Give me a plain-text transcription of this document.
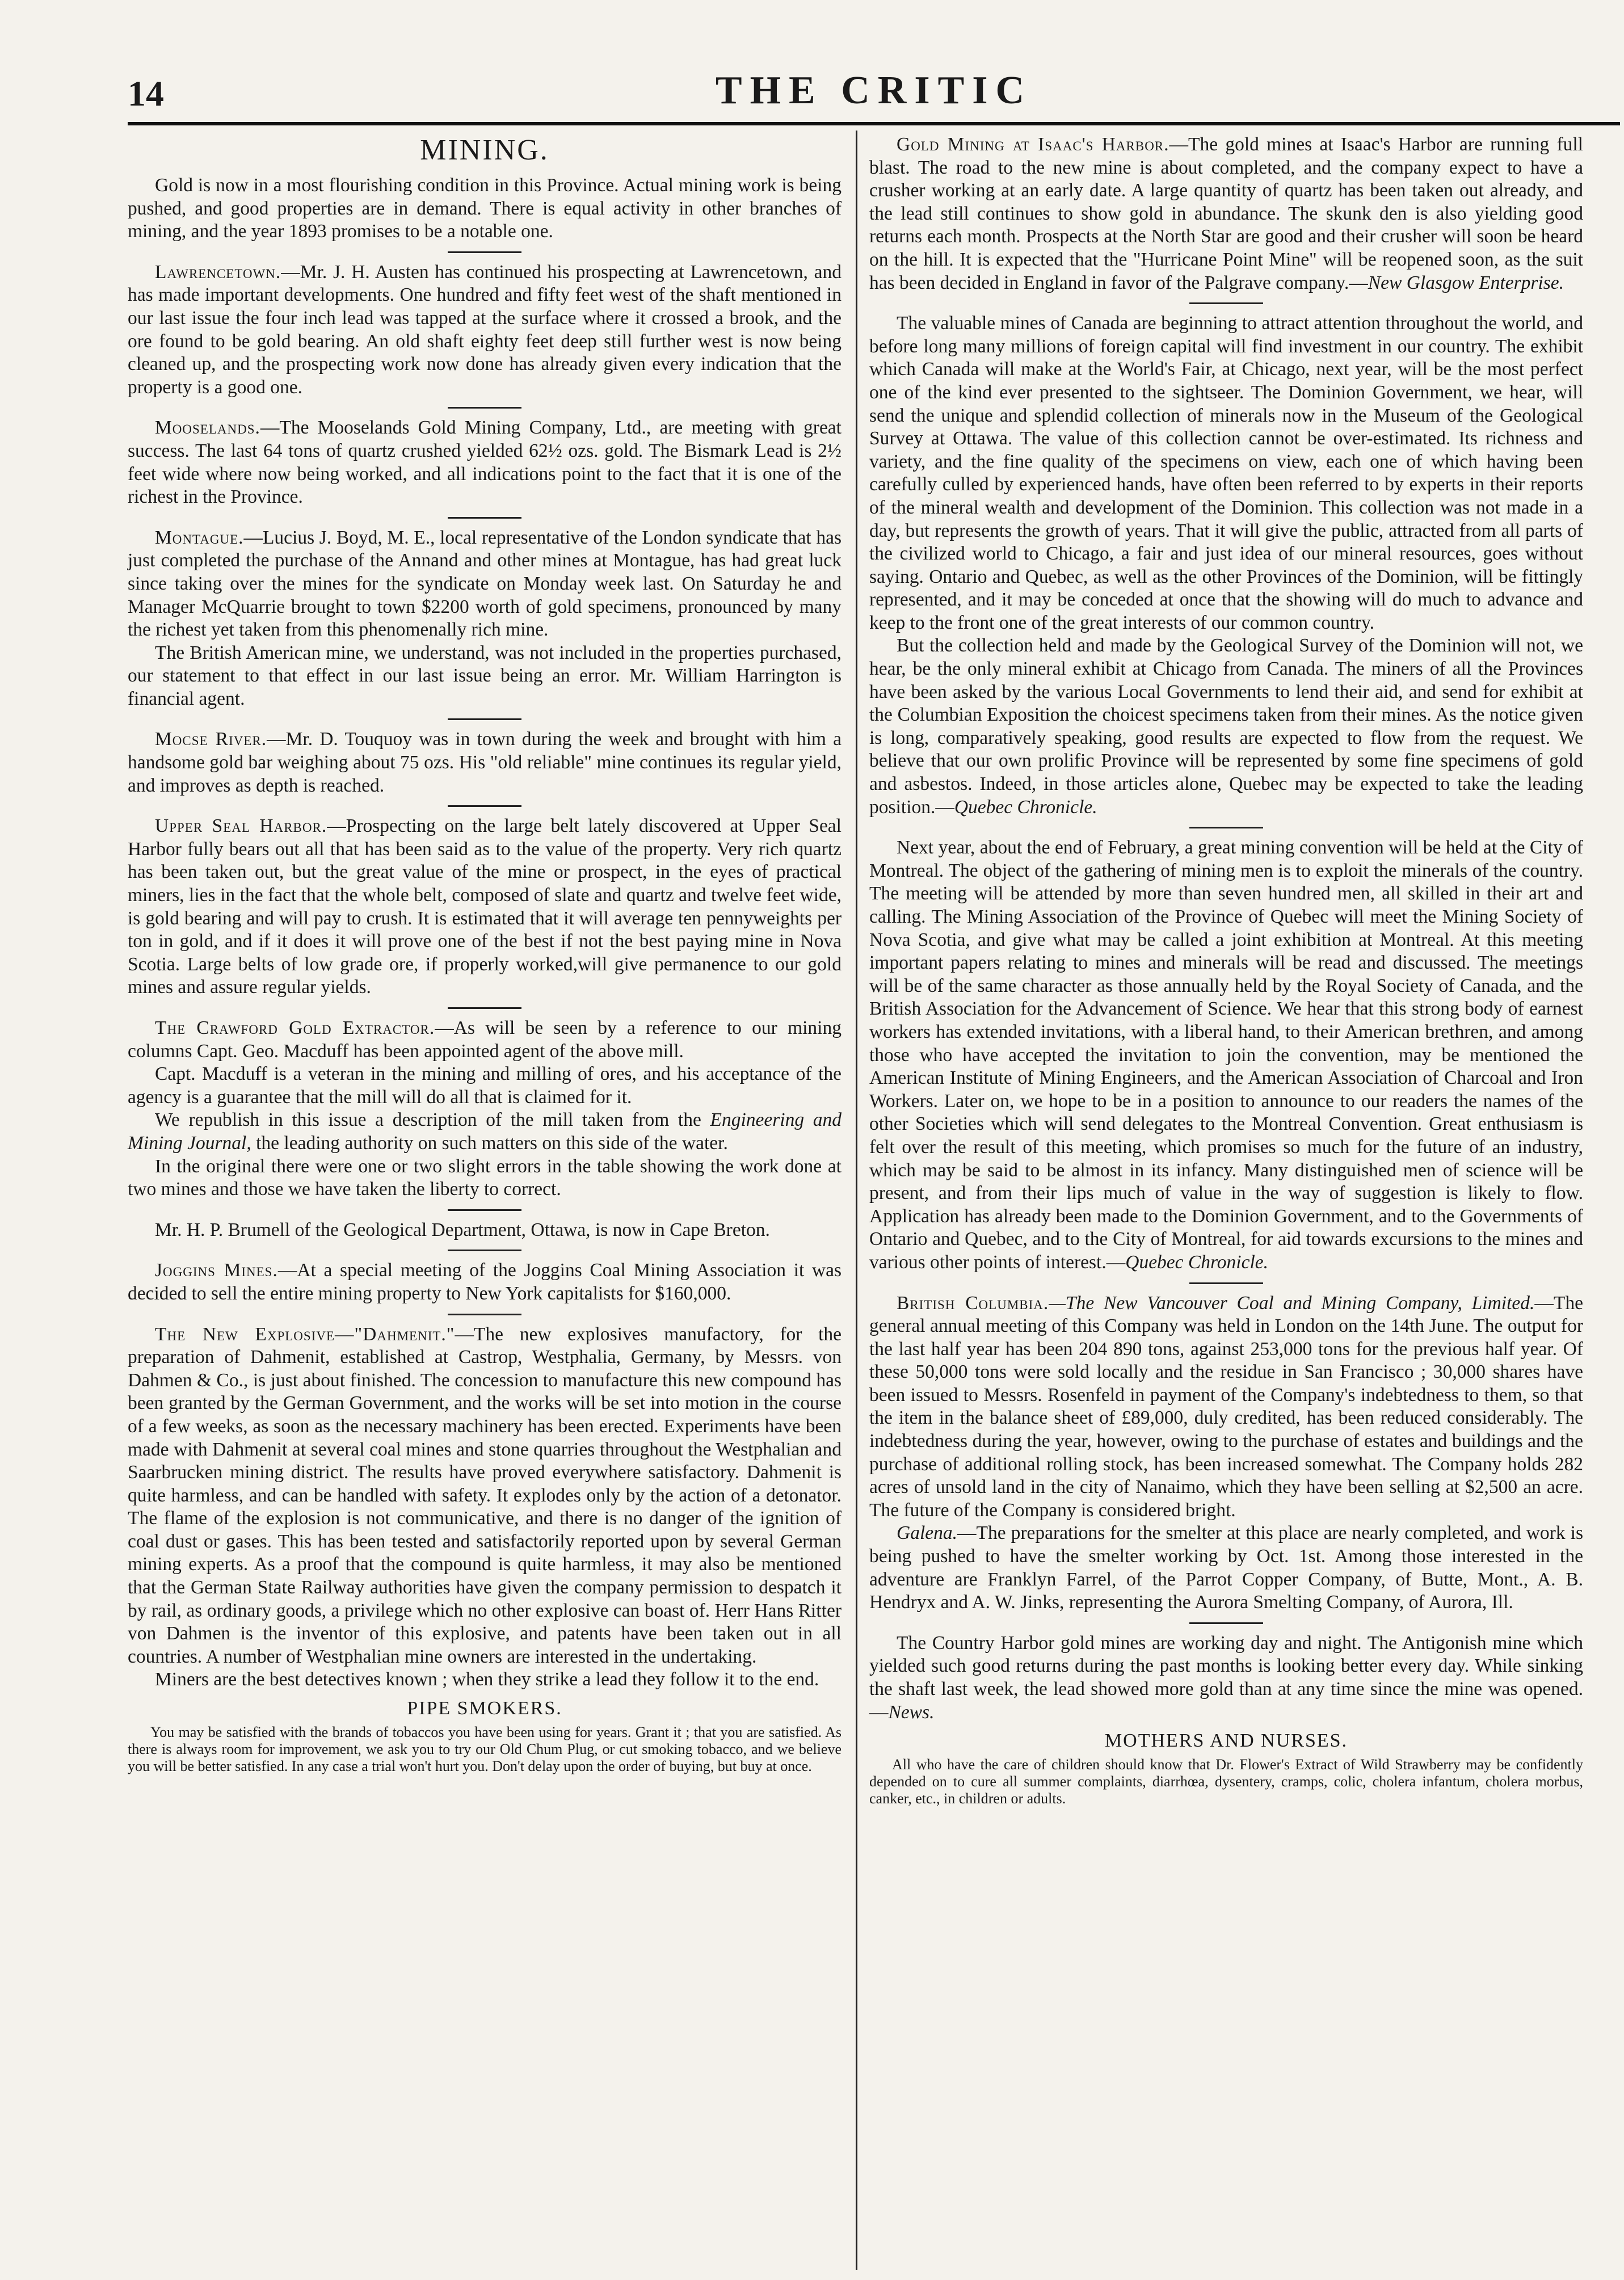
14	THE CRITIC
MINING.

Gold is now in a most flourishing condition in this Province. Actual mining work is being pushed, and good properties are in demand. There is equal activity in other branches of mining, and the year 1893 promises to be a notable one.

Lawrencetown.—Mr. J. H. Austen has continued his prospecting at Lawrencetown, and has made important developments. One hundred and fifty feet west of the shaft mentioned in our last issue the four inch lead was tapped at the surface where it crossed a brook, and the ore found to be gold bearing. An old shaft eighty feet deep still further west is now being cleaned up, and the prospecting work now done has already given every indication that the property is a good one.

Mooselands.—The Mooselands Gold Mining Company, Ltd., are meeting with great success. The last 64 tons of quartz crushed yielded 62½ ozs. gold. The Bismark Lead is 2½ feet wide where now being worked, and all indications point to the fact that it is one of the richest in the Province.

Montague.—Lucius J. Boyd, M. E., local representative of the London syndicate that has just completed the purchase of the Annand and other mines at Montague, has had great luck since taking over the mines for the syndicate on Monday week last. On Saturday he and Manager McQuarrie brought to town $2200 worth of gold specimens, pronounced by many the richest yet taken from this phenomenally rich mine.

The British American mine, we understand, was not included in the properties purchased, our statement to that effect in our last issue being an error. Mr. William Harrington is financial agent.

Mocse River.—Mr. D. Touquoy was in town during the week and brought with him a handsome gold bar weighing about 75 ozs. His "old reliable" mine continues its regular yield, and improves as depth is reached.

Upper Seal Harbor.—Prospecting on the large belt lately discovered at Upper Seal Harbor fully bears out all that has been said as to the value of the property. Very rich quartz has been taken out, but the great value of the mine or prospect, in the eyes of practical miners, lies in the fact that the whole belt, composed of slate and quartz and twelve feet wide, is gold bearing and will pay to crush. It is estimated that it will average ten pennyweights per ton in gold, and if it does it will prove one of the best if not the best paying mine in Nova Scotia. Large belts of low grade ore, if properly worked,will give permanence to our gold mines and assure regular yields.

The Crawford Gold Extractor.—As will be seen by a reference to our mining columns Capt. Geo. Macduff has been appointed agent of the above mill.

Capt. Macduff is a veteran in the mining and milling of ores, and his acceptance of the agency is a guarantee that the mill will do all that is claimed for it.

We republish in this issue a description of the mill taken from the Engineering and Mining Journal, the leading authority on such matters on this side of the water.

In the original there were one or two slight errors in the table showing the work done at two mines and those we have taken the liberty to correct.

Mr. H. P. Brumell of the Geological Department, Ottawa, is now in Cape Breton.

Joggins Mines.—At a special meeting of the Joggins Coal Mining Association it was decided to sell the entire mining property to New York capitalists for $160,000.

The New Explosive—"Dahmenit."—The new explosives manufactory, for the preparation of Dahmenit, established at Castrop, Westphalia, Germany, by Messrs. von Dahmen & Co., is just about finished. The concession to manufacture this new compound has been granted by the German Government, and the works will be set into motion in the course of a few weeks, as soon as the necessary machinery has been erected. Experiments have been made with Dahmenit at several coal mines and stone quarries throughout the Westphalian and Saarbrucken mining district. The results have proved everywhere satisfactory. Dahmenit is quite harmless, and can be handled with safety. It explodes only by the action of a detonator. The flame of the explosion is not communicative, and there is no danger of the ignition of coal dust or gases. This has been tested and satisfactorily reported upon by several German mining experts. As a proof that the compound is quite harmless, it may also be mentioned that the German State Railway authorities have given the company permission to despatch it by rail, as ordinary goods, a privilege which no other explosive can boast of. Herr Hans Ritter von Dahmen is the inventor of this explosive, and patents have been taken out in all countries. A number of Westphalian mine owners are interested in the undertaking.

Miners are the best detectives known ; when they strike a lead they follow it to the end.

PIPE SMOKERS.

You may be satisfied with the brands of tobaccos you have been using for years. Grant it ; that you are satisfied. As there is always room for improvement, we ask you to try our Old Chum Plug, or cut smoking tobacco, and we believe you will be better satisfied. In any case a trial won't hurt you. Don't delay upon the order of buying, but buy at once.

Gold Mining at Isaac's Harbor.—The gold mines at Isaac's Harbor are running full blast. The road to the new mine is about completed, and the company expect to have a crusher working at an early date. A large quantity of quartz has been taken out already, and the lead still continues to show gold in abundance. The skunk den is also yielding good returns each month. Prospects at the North Star are good and their crusher will soon be heard on the hill. It is expected that the "Hurricane Point Mine" will be reopened soon, as the suit has been decided in England in favor of the Palgrave company.—New Glasgow Enterprise.

The valuable mines of Canada are beginning to attract attention throughout the world, and before long many millions of foreign capital will find investment in our country. The exhibit which Canada will make at the World's Fair, at Chicago, next year, will be the most perfect one of the kind ever presented to the sightseer. The Dominion Government, we hear, will send the unique and splendid collection of minerals now in the Museum of the Geological Survey at Ottawa. The value of this collection cannot be over-estimated. Its richness and variety, and the fine quality of the specimens on view, each one of which having been carefully culled by experienced hands, have often been referred to by experts in their reports of the mineral wealth and development of the Dominion. This collection was not made in a day, but represents the growth of years. That it will give the public, attracted from all parts of the civilized world to Chicago, a fair and just idea of our mineral resources, goes without saying. Ontario and Quebec, as well as the other Provinces of the Dominion, will be fittingly represented, and it may be conceded at once that the showing will do much to advance and keep to the front one of the great interests of our common country.

But the collection held and made by the Geological Survey of the Dominion will not, we hear, be the only mineral exhibit at Chicago from Canada. The miners of all the Provinces have been asked by the various Local Governments to lend their aid, and send for exhibit at the Columbian Exposition the choicest specimens taken from their mines. As the notice given is long, comparatively speaking, good results are expected to flow from the request. We believe that our own prolific Province will be represented by some fine specimens of gold and asbestos. Indeed, in those articles alone, Quebec may be expected to take the leading position.—Quebec Chronicle.

Next year, about the end of February, a great mining convention will be held at the City of Montreal. The object of the gathering of mining men is to exploit the minerals of the country. The meeting will be attended by more than seven hundred men, all skilled in their art and calling. The Mining Association of the Province of Quebec will meet the Mining Society of Nova Scotia, and give what may be called a joint exhibition at Montreal. At this meeting important papers relating to mines and minerals will be read and discussed. The meetings will be of the same character as those annually held by the Royal Society of Canada, and the British Association for the Advancement of Science. We hear that this strong body of earnest workers has extended invitations, with a liberal hand, to their American brethren, and among those who have accepted the invitation to join the convention, may be mentioned the American Institute of Mining Engineers, and the American Association of Charcoal and Iron Workers. Later on, we hope to be in a position to announce to our readers the names of the other Societies which will send delegates to the Montreal Convention. Great enthusiasm is felt over the result of this meeting, which promises so much for the future of an industry, which may be said to be almost in its infancy. Many distinguished men of science will be present, and from their lips much of value in the way of suggestion is likely to flow. Application has already been made to the Dominion Government, and to the Governments of Ontario and Quebec, and to the City of Montreal, for aid towards excursions to the mines and various other points of interest.—Quebec Chronicle.

British Columbia.—The New Vancouver Coal and Mining Company, Limited.—The general annual meeting of this Company was held in London on the 14th June. The output for the last half year has been 204 890 tons, against 253,000 tons for the previous half year. Of these 50,000 tons were sold locally and the residue in San Francisco ; 30,000 shares have been issued to Messrs. Rosenfeld in payment of the Company's indebtedness to them, so that the item in the balance sheet of £89,000, duly credited, has been reduced considerably. The indebtedness during the year, however, owing to the purchase of estates and buildings and the purchase of additional rolling stock, has been increased somewhat. The Company holds 282 acres of unsold land in the city of Nanaimo, which they have been selling at $2,500 an acre. The future of the Company is considered bright.

Galena.—The preparations for the smelter at this place are nearly completed, and work is being pushed to have the smelter working by Oct. 1st. Among those interested in the adventure are Franklyn Farrel, of the Parrot Copper Company, of Butte, Mont., A. B. Hendryx and A. W. Jinks, representing the Aurora Smelting Company, of Aurora, Ill.

The Country Harbor gold mines are working day and night. The Antigonish mine which yielded such good returns during the past months is looking better every day. While sinking the shaft last week, the lead showed more gold than at any time since the mine was opened.—News.

MOTHERS AND NURSES.

All who have the care of children should know that Dr. Flower's Extract of Wild Strawberry may be confidently depended on to cure all summer complaints, diarrhœa, dysentery, cramps, colic, cholera infantum, cholera morbus, canker, etc., in children or adults.
